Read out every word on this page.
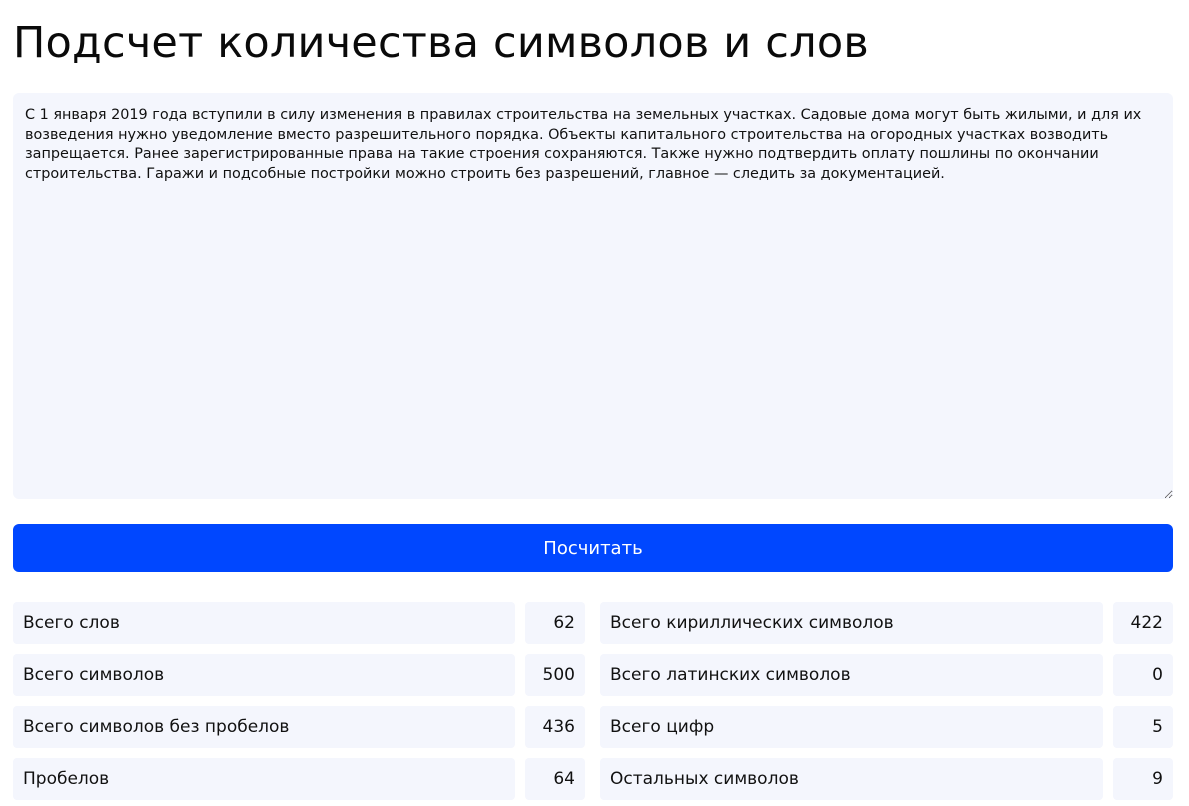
Подсчет количества символов и слов
С 1 января 2019 года вступили в силу изменения в правилах строительства на земельных участках. Садовые дома могут быть жилыми, и для их возведения нужно уведомление вместо разрешительного порядка. Объекты капитального строительства на огородных участках возводить запрещается. Ранее зарегистрированные права на такие строения сохраняются. Также нужно подтвердить оплату пошлины по окончании строительства. Гаражи и подсобные постройки можно строить без разрешений, главное — следить за документацией.
Посчитать
Всего слов	62
Всего символов	500
Всего символов без пробелов	436
Пробелов	64
Всего кириллических символов	422
Всего латинских символов	0
Всего цифр	5
Остальных символов	9
